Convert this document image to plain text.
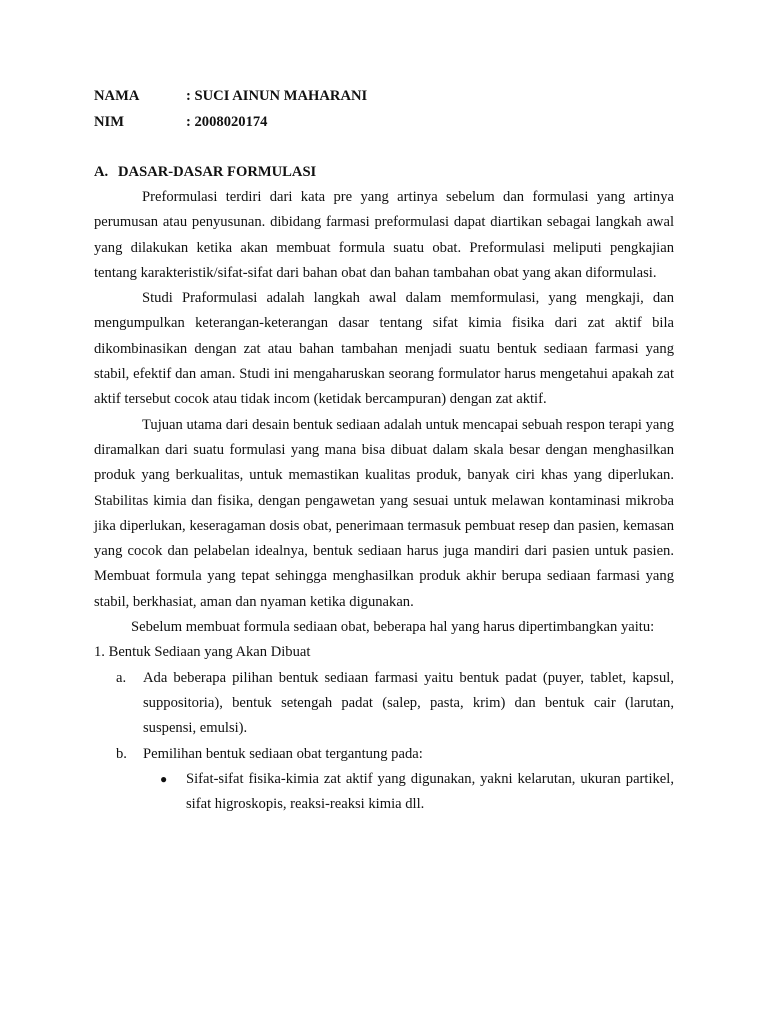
NAMA	: SUCI AINUN MAHARANI
NIM	: 2008020174
A. DASAR-DASAR FORMULASI

Preformulasi terdiri dari kata pre yang artinya sebelum dan formulasi yang artinya perumusan atau penyusunan. dibidang farmasi preformulasi dapat diartikan sebagai langkah awal yang dilakukan ketika akan membuat formula suatu obat. Preformulasi meliputi pengkajian tentang karakteristik/sifat-sifat dari bahan obat dan bahan tambahan obat yang akan diformulasi.

Studi Praformulasi adalah langkah awal dalam memformulasi, yang mengkaji, dan mengumpulkan keterangan-keterangan dasar tentang sifat kimia fisika dari zat aktif bila dikombinasikan dengan zat atau bahan tambahan menjadi suatu bentuk sediaan farmasi yang stabil, efektif dan aman. Studi ini mengaharuskan seorang formulator harus mengetahui apakah zat aktif tersebut cocok atau tidak incom (ketidak bercampuran) dengan zat aktif.

Tujuan utama dari desain bentuk sediaan adalah untuk mencapai sebuah respon terapi yang diramalkan dari suatu formulasi yang mana bisa dibuat dalam skala besar dengan menghasilkan produk yang berkualitas, untuk memastikan kualitas produk, banyak ciri khas yang diperlukan. Stabilitas kimia dan fisika, dengan pengawetan yang sesuai untuk melawan kontaminasi mikroba jika diperlukan, keseragaman dosis obat, penerimaan termasuk pembuat resep dan pasien, kemasan yang cocok dan pelabelan idealnya, bentuk sediaan harus juga mandiri dari pasien untuk pasien. Membuat formula yang tepat sehingga menghasilkan produk akhir berupa sediaan farmasi yang stabil, berkhasiat, aman dan nyaman ketika digunakan.

Sebelum membuat formula sediaan obat, beberapa hal yang harus dipertimbangkan yaitu:

1. Bentuk Sediaan yang Akan Dibuat
a.	Ada beberapa pilihan bentuk sediaan farmasi yaitu bentuk padat (puyer, tablet, kapsul, suppositoria), bentuk setengah padat (salep, pasta, krim) dan bentuk cair (larutan, suspensi, emulsi).
b.	Pemilihan bentuk sediaan obat tergantung pada:
●	Sifat-sifat fisika-kimia zat aktif yang digunakan, yakni kelarutan, ukuran partikel, sifat higroskopis, reaksi-reaksi kimia dll.
